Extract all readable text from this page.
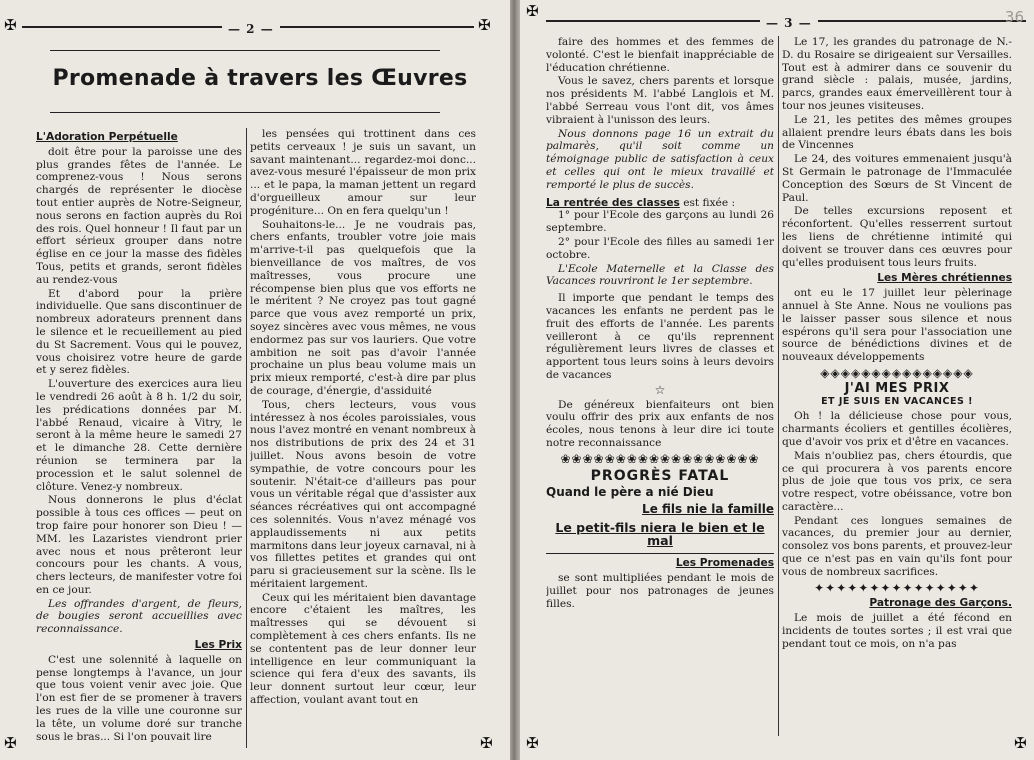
✠	✠
— 2 —
Promenade à travers les Œuvres
L'Adoration Perpétuelle

doit être pour la paroisse une des plus grandes fêtes de l'année. Le comprenez-vous ! Nous serons chargés de représenter le diocèse tout entier auprès de Notre-Seigneur, nous serons en faction auprès du Roi des rois. Quel honneur ! Il faut par un effort sérieux grouper dans notre église en ce jour la masse des fidèles Tous, petits et grands, seront fidèles au rendez-vous

Et d'abord pour la prière individuelle. Que sans discontinuer de nombreux adorateurs prennent dans le silence et le recueillement au pied du St Sacrement. Vous qui le pouvez, vous choisirez votre heure de garde et y serez fidèles.

L'ouverture des exercices aura lieu le vendredi 26 août à 8 h. 1/2 du soir, les prédications données par M. l'abbé Renaud, vicaire à Vitry, le seront à la même heure le samedi 27 et le dimanche 28. Cette dernière réunion se terminera par la procession et le salut solennel de clôture. Venez-y nombreux.

Nous donnerons le plus d'éclat possible à tous ces offices — peut on trop faire pour honorer son Dieu ! — MM. les Lazaristes viendront prier avec nous et nous prêteront leur concours pour les chants. A vous, chers lecteurs, de manifester votre foi en ce jour.

Les offrandes d'argent, de fleurs, de bougies seront accueillies avec reconnaissance.

Les Prix

C'est une solennité à laquelle on pense longtemps à l'avance, un jour que tous voient venir avec joie. Que l'on est fier de se promener à travers les rues de la ville une couronne sur la tête, un volume doré sur tranche sous le bras... Si l'on pouvait lire

les pensées qui trottinent dans ces petits cerveaux ! je suis un savant, un savant maintenant... regardez-moi donc... avez-vous mesuré l'épaisseur de mon prix ... et le papa, la maman jettent un regard d'orgueilleux amour sur leur progéniture... On en fera quelqu'un !

Souhaitons-le... Je ne voudrais pas, chers enfants, troubler votre joie mais m'arrive-t-il pas quelquefois que la bienveillance de vos maîtres, de vos maîtresses, vous procure une récompense bien plus que vos efforts ne le méritent ? Ne croyez pas tout gagné parce que vous avez remporté un prix, soyez sincères avec vous mêmes, ne vous endormez pas sur vos lauriers. Que votre ambition ne soit pas d'avoir l'année prochaine un plus beau volume mais un prix mieux remporté, c'est-à dire par plus de courage, d'énergie, d'assiduité

Tous, chers lecteurs, vous vous intéressez à nos écoles paroissiales, vous nous l'avez montré en venant nombreux à nos distributions de prix des 24 et 31 juillet. Nous avons besoin de votre sympathie, de votre concours pour les soutenir. N'était-ce d'ailleurs pas pour vous un véritable régal que d'assister aux séances récréatives qui ont accompagné ces solennités. Vous n'avez ménagé vos applaudissements ni aux petits marmitons dans leur joyeux carnaval, ni à vos fillettes petites et grandes qui ont paru si gracieusement sur la scène. Ils le méritaient largement.

Ceux qui les méritaient bien davantage encore c'étaient les maîtres, les maîtresses qui se dévouent si complètement à ces chers enfants. Ils ne se contentent pas de leur donner leur intelligence en leur communiquant la science qui fera d'eux des savants, ils leur donnent surtout leur cœur, leur affection, voulant avant tout en

✠	✠
✠
— 3 —	36

faire des hommes et des femmes de volonté. C'est le bienfait inappréciable de l'éducation chrétienne.

Vous le savez, chers parents et lorsque nos présidents M. l'abbé Langlois et M. l'abbé Serreau vous l'ont dit, vos âmes vibraient à l'unisson des leurs.

Nous donnons page 16 un extrait du palmarès, qu'il soit comme un témoignage public de satisfaction à ceux et celles qui ont le mieux travaillé et remporté le plus de succès.

La rentrée des classes est fixée :

1° pour l'Ecole des garçons au lundi 26 septembre.

2° pour l'Ecole des filles au samedi 1er octobre.

L'Ecole Maternelle et la Classe des Vacances rouvriront le 1er septembre.

Il importe que pendant le temps des vacances les enfants ne perdent pas le fruit des efforts de l'année. Les parents veilleront à ce qu'ils reprennent régulièrement leurs livres de classes et apportent tous leurs soins à leurs devoirs de vacances

☆

De généreux bienfaiteurs ont bien voulu offrir des prix aux enfants de nos écoles, nous tenons à leur dire ici toute notre reconnaissance

❀❀❀❀❀❀❀❀❀❀❀❀❀❀❀❀❀❀
PROGRÈS FATAL
Quand le père a nié Dieu
Le fils nie la famille
Le petit-fils niera le bien et le mal
Les Promenades

se sont multipliées pendant le mois de juillet pour nos patronages de jeunes filles.

Le 17, les grandes du patronage de N.-D. du Rosaire se dirigeaient sur Versailles. Tout est à admirer dans ce souvenir du grand siècle : palais, musée, jardins, parcs, grandes eaux émerveillèrent tour à tour nos jeunes visiteuses.

Le 21, les petites des mêmes groupes allaient prendre leurs ébats dans les bois de Vincennes

Le 24, des voitures emmenaient jusqu'à St Germain le patronage de l'Immaculée Conception des Sœurs de St Vincent de Paul.

De telles excursions reposent et réconfortent. Qu'elles resserrent surtout les liens de chrétienne intimité qui doivent se trouver dans ces œuvres pour qu'elles produisent tous leurs fruits.

Les Mères chrétiennes

ont eu le 17 juillet leur pèlerinage annuel à Ste Anne. Nous ne voulions pas le laisser passer sous silence et nous espérons qu'il sera pour l'association une source de bénédictions divines et de nouveaux développements

◈◈◈◈◈◈◈◈◈◈◈◈◈◈◈
J'AI MES PRIX
ET JE SUIS EN VACANCES !

Oh ! la délicieuse chose pour vous, charmants écoliers et gentilles écolières, que d'avoir vos prix et d'être en vacances.

Mais n'oubliez pas, chers étourdis, que ce qui procurera à vos parents encore plus de joie que tous vos prix, ce sera votre respect, votre obéissance, votre bon caractère...

Pendant ces longues semaines de vacances, du premier jour au dernier, consolez vos bons parents, et prouvez-leur que ce n'est pas en vain qu'ils font pour vous de nombreux sacrifices.

✦✦✦✦✦✦✦✦✦✦✦✦✦✦✦
Patronage des Garçons.

Le mois de juillet a été fécond en incidents de toutes sortes ; il est vrai que pendant tout ce mois, on n'a pas

✠	✠
